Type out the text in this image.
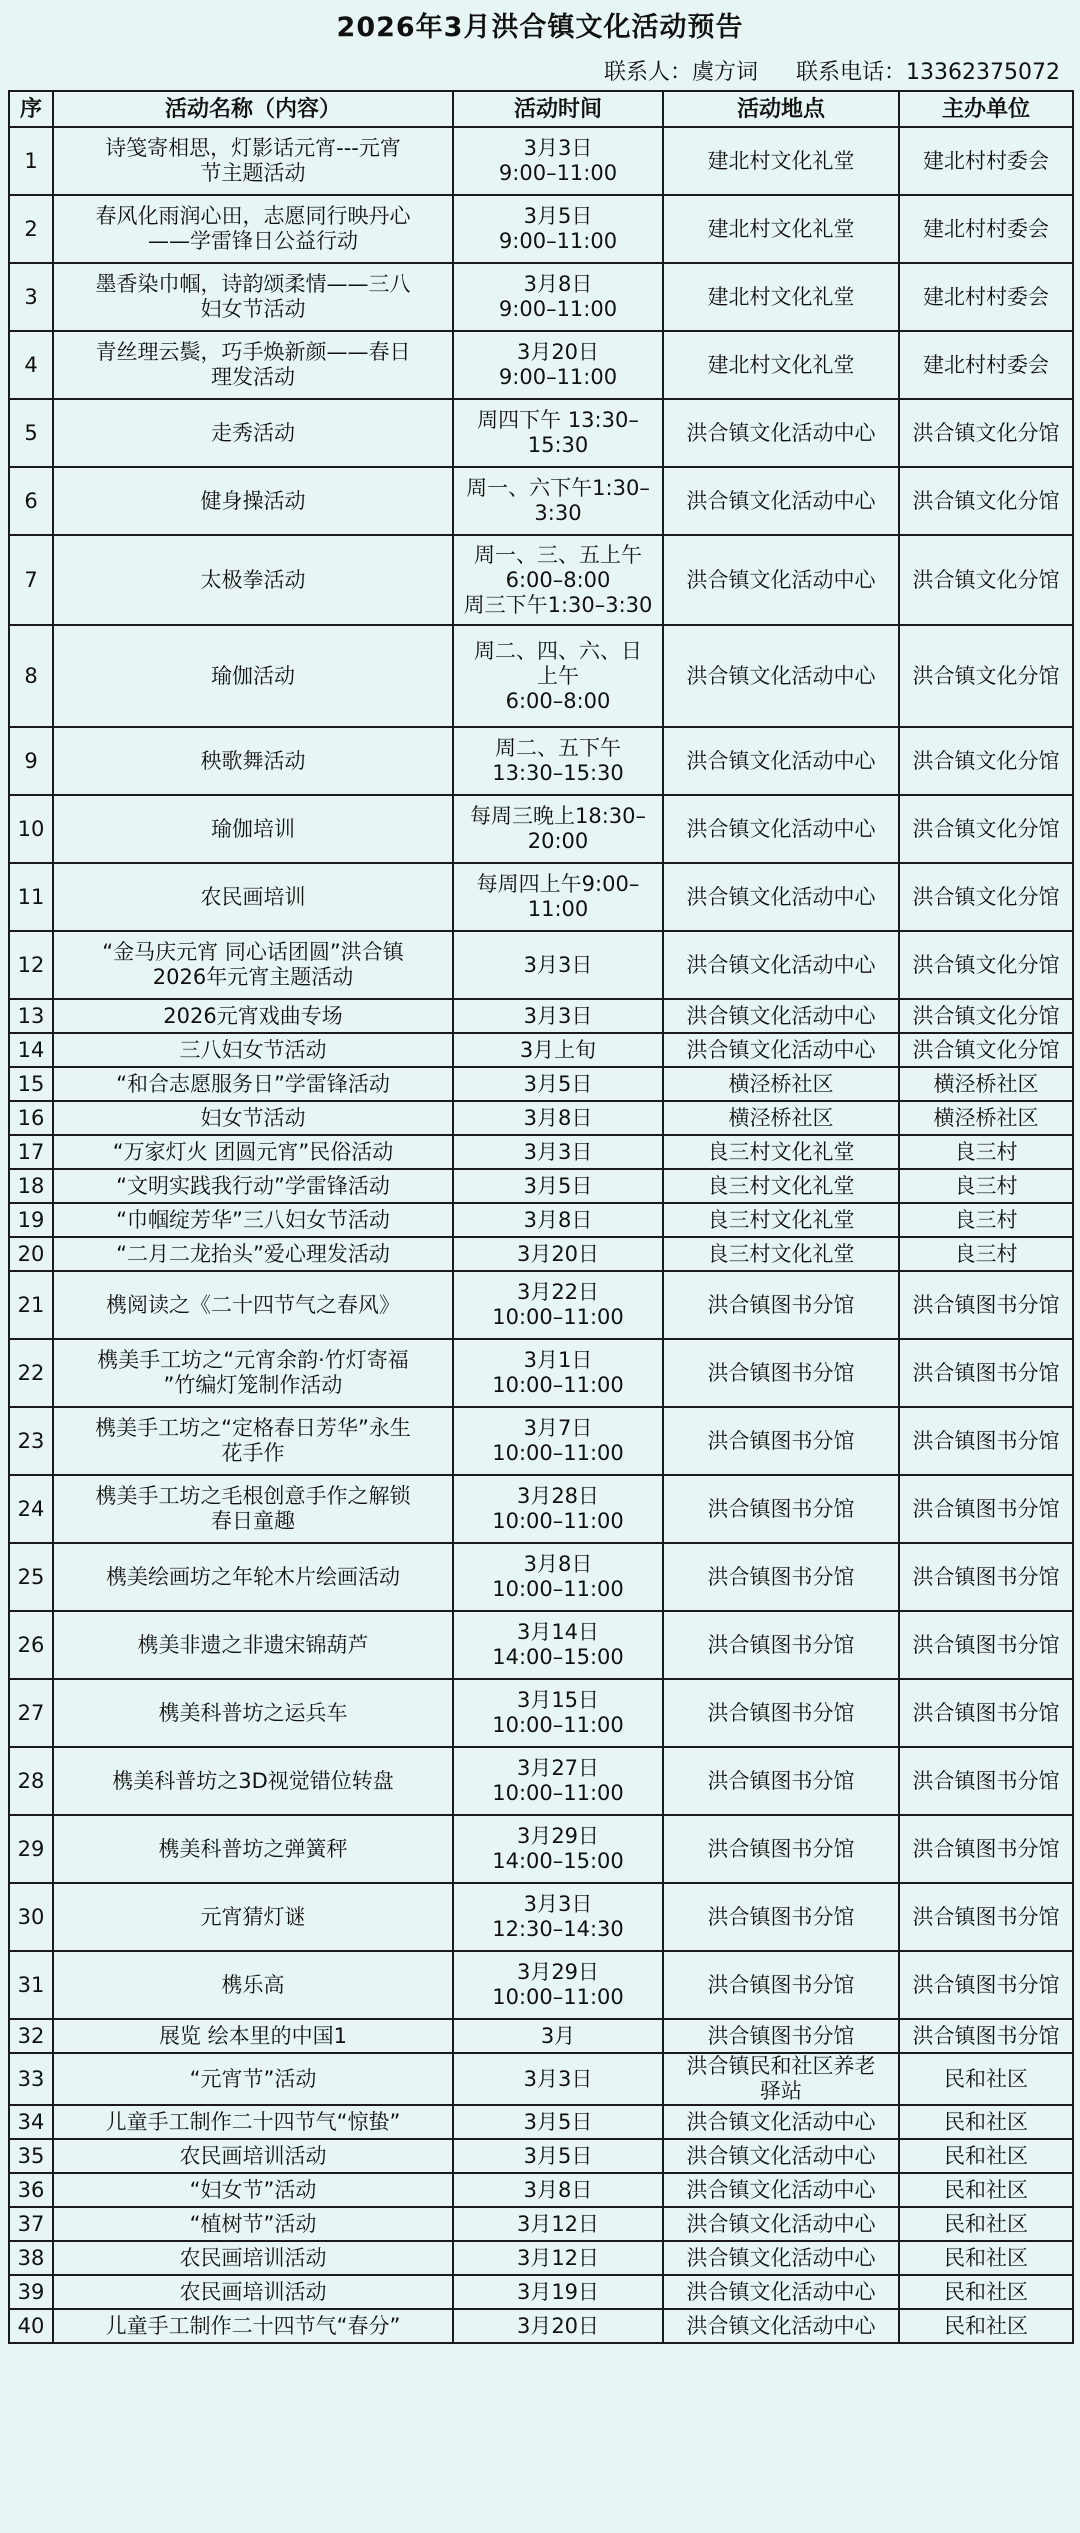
2026年3月洪合镇文化活动预告
联系人：虞方词 联系电话：13362375072
序	活动名称（内容）	活动时间	活动地点	主办单位
1	诗笺寄相思，灯影话元宵---元宵
节主题活动	3月3日
9:00–11:00	建北村文化礼堂	建北村村委会

2	春风化雨润心田，志愿同行映丹心
——学雷锋日公益行动	3月5日
9:00–11:00	建北村文化礼堂	建北村村委会

3	墨香染巾帼，诗韵颂柔情——三八
妇女节活动	3月8日
9:00–11:00	建北村文化礼堂	建北村村委会

4	青丝理云鬓，巧手焕新颜——春日
理发活动	3月20日
9:00–11:00	建北村文化礼堂	建北村村委会

5	走秀活动	周四下午 13:30–
15:30	洪合镇文化活动中心	洪合镇文化分馆

6	健身操活动	周一、六下午1:30–
3:30	洪合镇文化活动中心	洪合镇文化分馆

7	太极拳活动	周一、三、五上午
6:00–8:00
周三下午1:30–3:30	洪合镇文化活动中心	洪合镇文化分馆

8	瑜伽活动	周二、四、六、日
上午
6:00–8:00	洪合镇文化活动中心	洪合镇文化分馆

9	秧歌舞活动	周二、五下午
13:30–15:30	洪合镇文化活动中心	洪合镇文化分馆

10	瑜伽培训	每周三晚上18:30–
20:00	洪合镇文化活动中心	洪合镇文化分馆

11	农民画培训	每周四上午9:00–
11:00	洪合镇文化活动中心	洪合镇文化分馆

12	“金马庆元宵 同心话团圆”洪合镇
2026年元宵主题活动	3月3日	洪合镇文化活动中心	洪合镇文化分馆

13	2026元宵戏曲专场	3月3日	洪合镇文化活动中心	洪合镇文化分馆

14	三八妇女节活动	3月上旬	洪合镇文化活动中心	洪合镇文化分馆

15	“和合志愿服务日”学雷锋活动	3月5日	横泾桥社区	横泾桥社区

16	妇女节活动	3月8日	横泾桥社区	横泾桥社区

17	“万家灯火 团圆元宵”民俗活动	3月3日	良三村文化礼堂	良三村

18	“文明实践我行动”学雷锋活动	3月5日	良三村文化礼堂	良三村

19	“巾帼绽芳华”三八妇女节活动	3月8日	良三村文化礼堂	良三村

20	“二月二龙抬头”爱心理发活动	3月20日	良三村文化礼堂	良三村

21	槜阅读之《二十四节气之春风》	3月22日
10:00–11:00	洪合镇图书分馆	洪合镇图书分馆

22	槜美手工坊之“元宵余韵·竹灯寄福
”竹编灯笼制作活动	3月1日
10:00–11:00	洪合镇图书分馆	洪合镇图书分馆

23	槜美手工坊之“定格春日芳华”永生
花手作	3月7日
10:00–11:00	洪合镇图书分馆	洪合镇图书分馆

24	槜美手工坊之毛根创意手作之解锁
春日童趣	3月28日
10:00–11:00	洪合镇图书分馆	洪合镇图书分馆

25	槜美绘画坊之年轮木片绘画活动	3月8日
10:00–11:00	洪合镇图书分馆	洪合镇图书分馆

26	槜美非遗之非遗宋锦葫芦	3月14日
14:00–15:00	洪合镇图书分馆	洪合镇图书分馆

27	槜美科普坊之运兵车	3月15日
10:00–11:00	洪合镇图书分馆	洪合镇图书分馆

28	槜美科普坊之3D视觉错位转盘	3月27日
10:00–11:00	洪合镇图书分馆	洪合镇图书分馆

29	槜美科普坊之弹簧秤	3月29日
14:00–15:00	洪合镇图书分馆	洪合镇图书分馆

30	元宵猜灯谜	3月3日
12:30–14:30	洪合镇图书分馆	洪合镇图书分馆

31	槜乐高	3月29日
10:00–11:00	洪合镇图书分馆	洪合镇图书分馆

32	展览 绘本里的中国1	3月	洪合镇图书分馆	洪合镇图书分馆

33	“元宵节”活动	3月3日	洪合镇民和社区养老
驿站	民和社区

34	儿童手工制作二十四节气“惊蛰”	3月5日	洪合镇文化活动中心	民和社区

35	农民画培训活动	3月5日	洪合镇文化活动中心	民和社区

36	“妇女节”活动	3月8日	洪合镇文化活动中心	民和社区

37	“植树节”活动	3月12日	洪合镇文化活动中心	民和社区

38	农民画培训活动	3月12日	洪合镇文化活动中心	民和社区

39	农民画培训活动	3月19日	洪合镇文化活动中心	民和社区

40	儿童手工制作二十四节气“春分”	3月20日	洪合镇文化活动中心	民和社区
